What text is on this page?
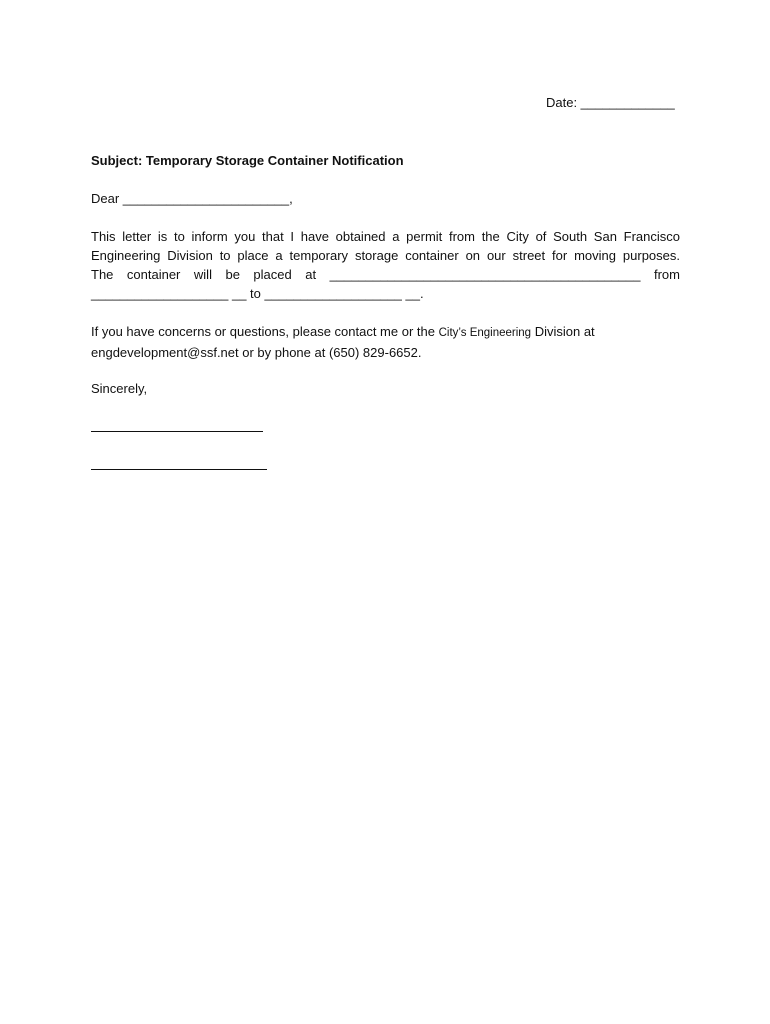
Date: _____________
Subject: Temporary Storage Container Notification
Dear _______________________,
This letter is to inform you that I have obtained a permit from the City of South San Francisco
Engineering Division to place a temporary storage container on our street for moving purposes.
The container will be placed at ___________________________________________ from
___________________ __ to ___________________ __.
If you have concerns or questions, please contact me or the City’s Engineering Division at
engdevelopment@ssf.net or by phone at (650) 829-6652.
Sincerely,
